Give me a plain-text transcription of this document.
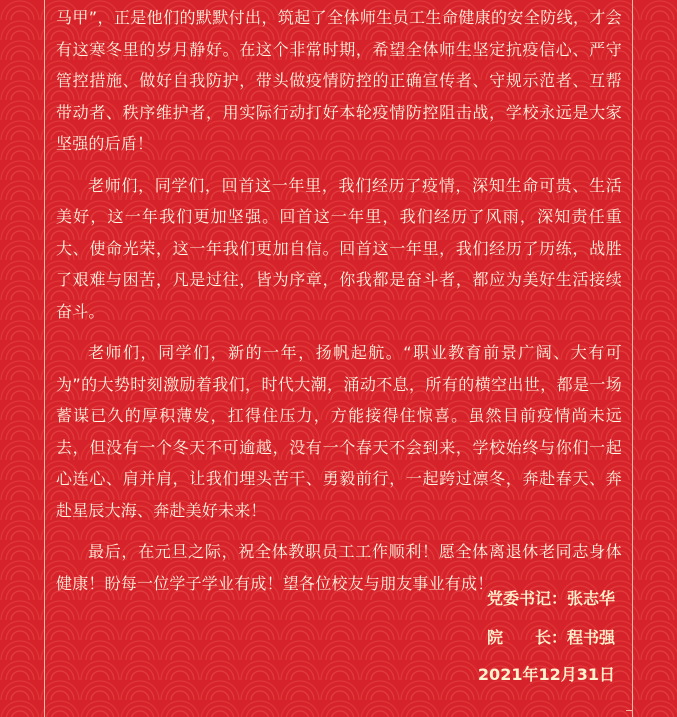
马甲”，正是他们的默默付出，筑起了全体师生员工生命健康的安全防线，才会有这寒冬里的岁月静好。在这个非常时期，希望全体师生坚定抗疫信心、严守管控措施、做好自我防护，带头做疫情防控的正确宣传者、守规示范者、互帮带动者、秩序维护者，用实际行动打好本轮疫情防控阻击战，学校永远是大家坚强的后盾！

老师们，同学们，回首这一年里，我们经历了疫情，深知生命可贵、生活美好，这一年我们更加坚强。回首这一年里，我们经历了风雨，深知责任重大、使命光荣，这一年我们更加自信。回首这一年里，我们经历了历练，战胜了艰难与困苦，凡是过往，皆为序章，你我都是奋斗者，都应为美好生活接续奋斗。

老师们，同学们，新的一年，扬帆起航。“职业教育前景广阔、大有可为”的大势时刻激励着我们，时代大潮，涌动不息，所有的横空出世，都是一场蓄谋已久的厚积薄发，扛得住压力，方能接得住惊喜。虽然目前疫情尚未远去，但没有一个冬天不可逾越，没有一个春天不会到来，学校始终与你们一起心连心、肩并肩，让我们埋头苦干、勇毅前行，一起跨过凛冬，奔赴春天、奔赴星辰大海、奔赴美好未来！

最后，在元旦之际，祝全体教职员工工作顺利！愿全体离退休老同志身体健康！盼每一位学子学业有成！望各位校友与朋友事业有成！

党委书记：张志华
院　　长：程书强
2021年12月31日
